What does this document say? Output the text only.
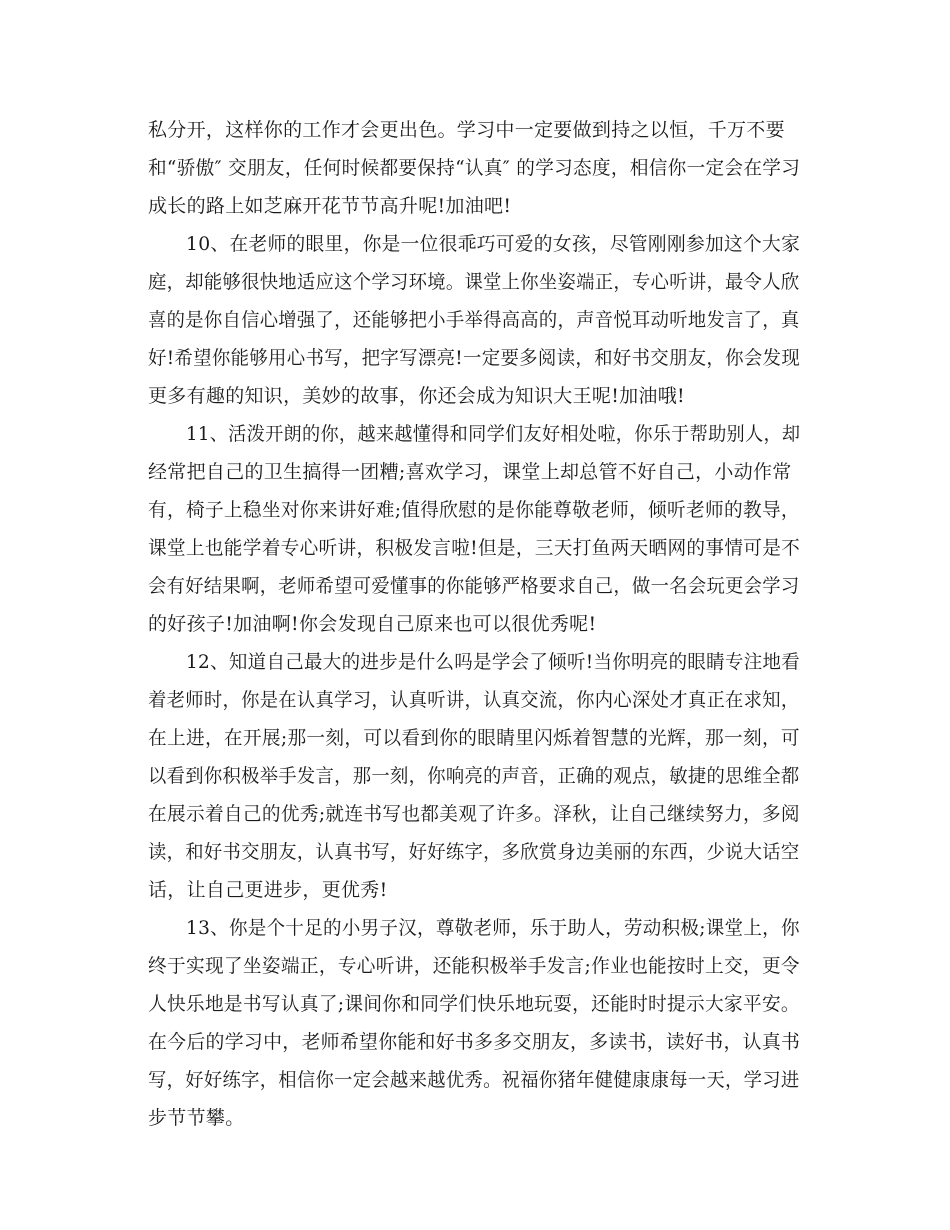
私分开，这样你的工作才会更出色。学习中一定要做到持之以恒，千万不要
和“骄傲″ 交朋友，任何时候都要保持“认真″ 的学习态度，相信你一定会在学习
成长的路上如芝麻开花节节高升呢!加油吧!
10、在老师的眼里，你是一位很乖巧可爱的女孩，尽管刚刚参加这个大家
庭，却能够很快地适应这个学习环境。课堂上你坐姿端正，专心听讲，最令人欣
喜的是你自信心增强了，还能够把小手举得高高的，声音悦耳动听地发言了，真
好!希望你能够用心书写，把字写漂亮!一定要多阅读，和好书交朋友，你会发现
更多有趣的知识，美妙的故事，你还会成为知识大王呢!加油哦!
11、活泼开朗的你，越来越懂得和同学们友好相处啦，你乐于帮助别人，却
经常把自己的卫生搞得一团糟;喜欢学习，课堂上却总管不好自己，小动作常
有，椅子上稳坐对你来讲好难;值得欣慰的是你能尊敬老师，倾听老师的教导，
课堂上也能学着专心听讲，积极发言啦!但是，三天打鱼两天晒网的事情可是不
会有好结果啊，老师希望可爱懂事的你能够严格要求自己，做一名会玩更会学习
的好孩子!加油啊!你会发现自己原来也可以很优秀呢!
12、知道自己最大的进步是什么吗是学会了倾听!当你明亮的眼睛专注地看
着老师时，你是在认真学习，认真听讲，认真交流，你内心深处才真正在求知，
在上进，在开展;那一刻，可以看到你的眼睛里闪烁着智慧的光辉，那一刻，可
以看到你积极举手发言，那一刻，你响亮的声音，正确的观点，敏捷的思维全都
在展示着自己的优秀;就连书写也都美观了许多。泽秋，让自己继续努力，多阅
读，和好书交朋友，认真书写，好好练字，多欣赏身边美丽的东西，少说大话空
话，让自己更进步，更优秀!
13、你是个十足的小男子汉，尊敬老师，乐于助人，劳动积极;课堂上，你
终于实现了坐姿端正，专心听讲，还能积极举手发言;作业也能按时上交，更令
人快乐地是书写认真了;课间你和同学们快乐地玩耍，还能时时提示大家平安。
在今后的学习中，老师希望你能和好书多多交朋友，多读书，读好书，认真书
写，好好练字，相信你一定会越来越优秀。祝福你猪年健健康康每一天，学习进
步节节攀。
